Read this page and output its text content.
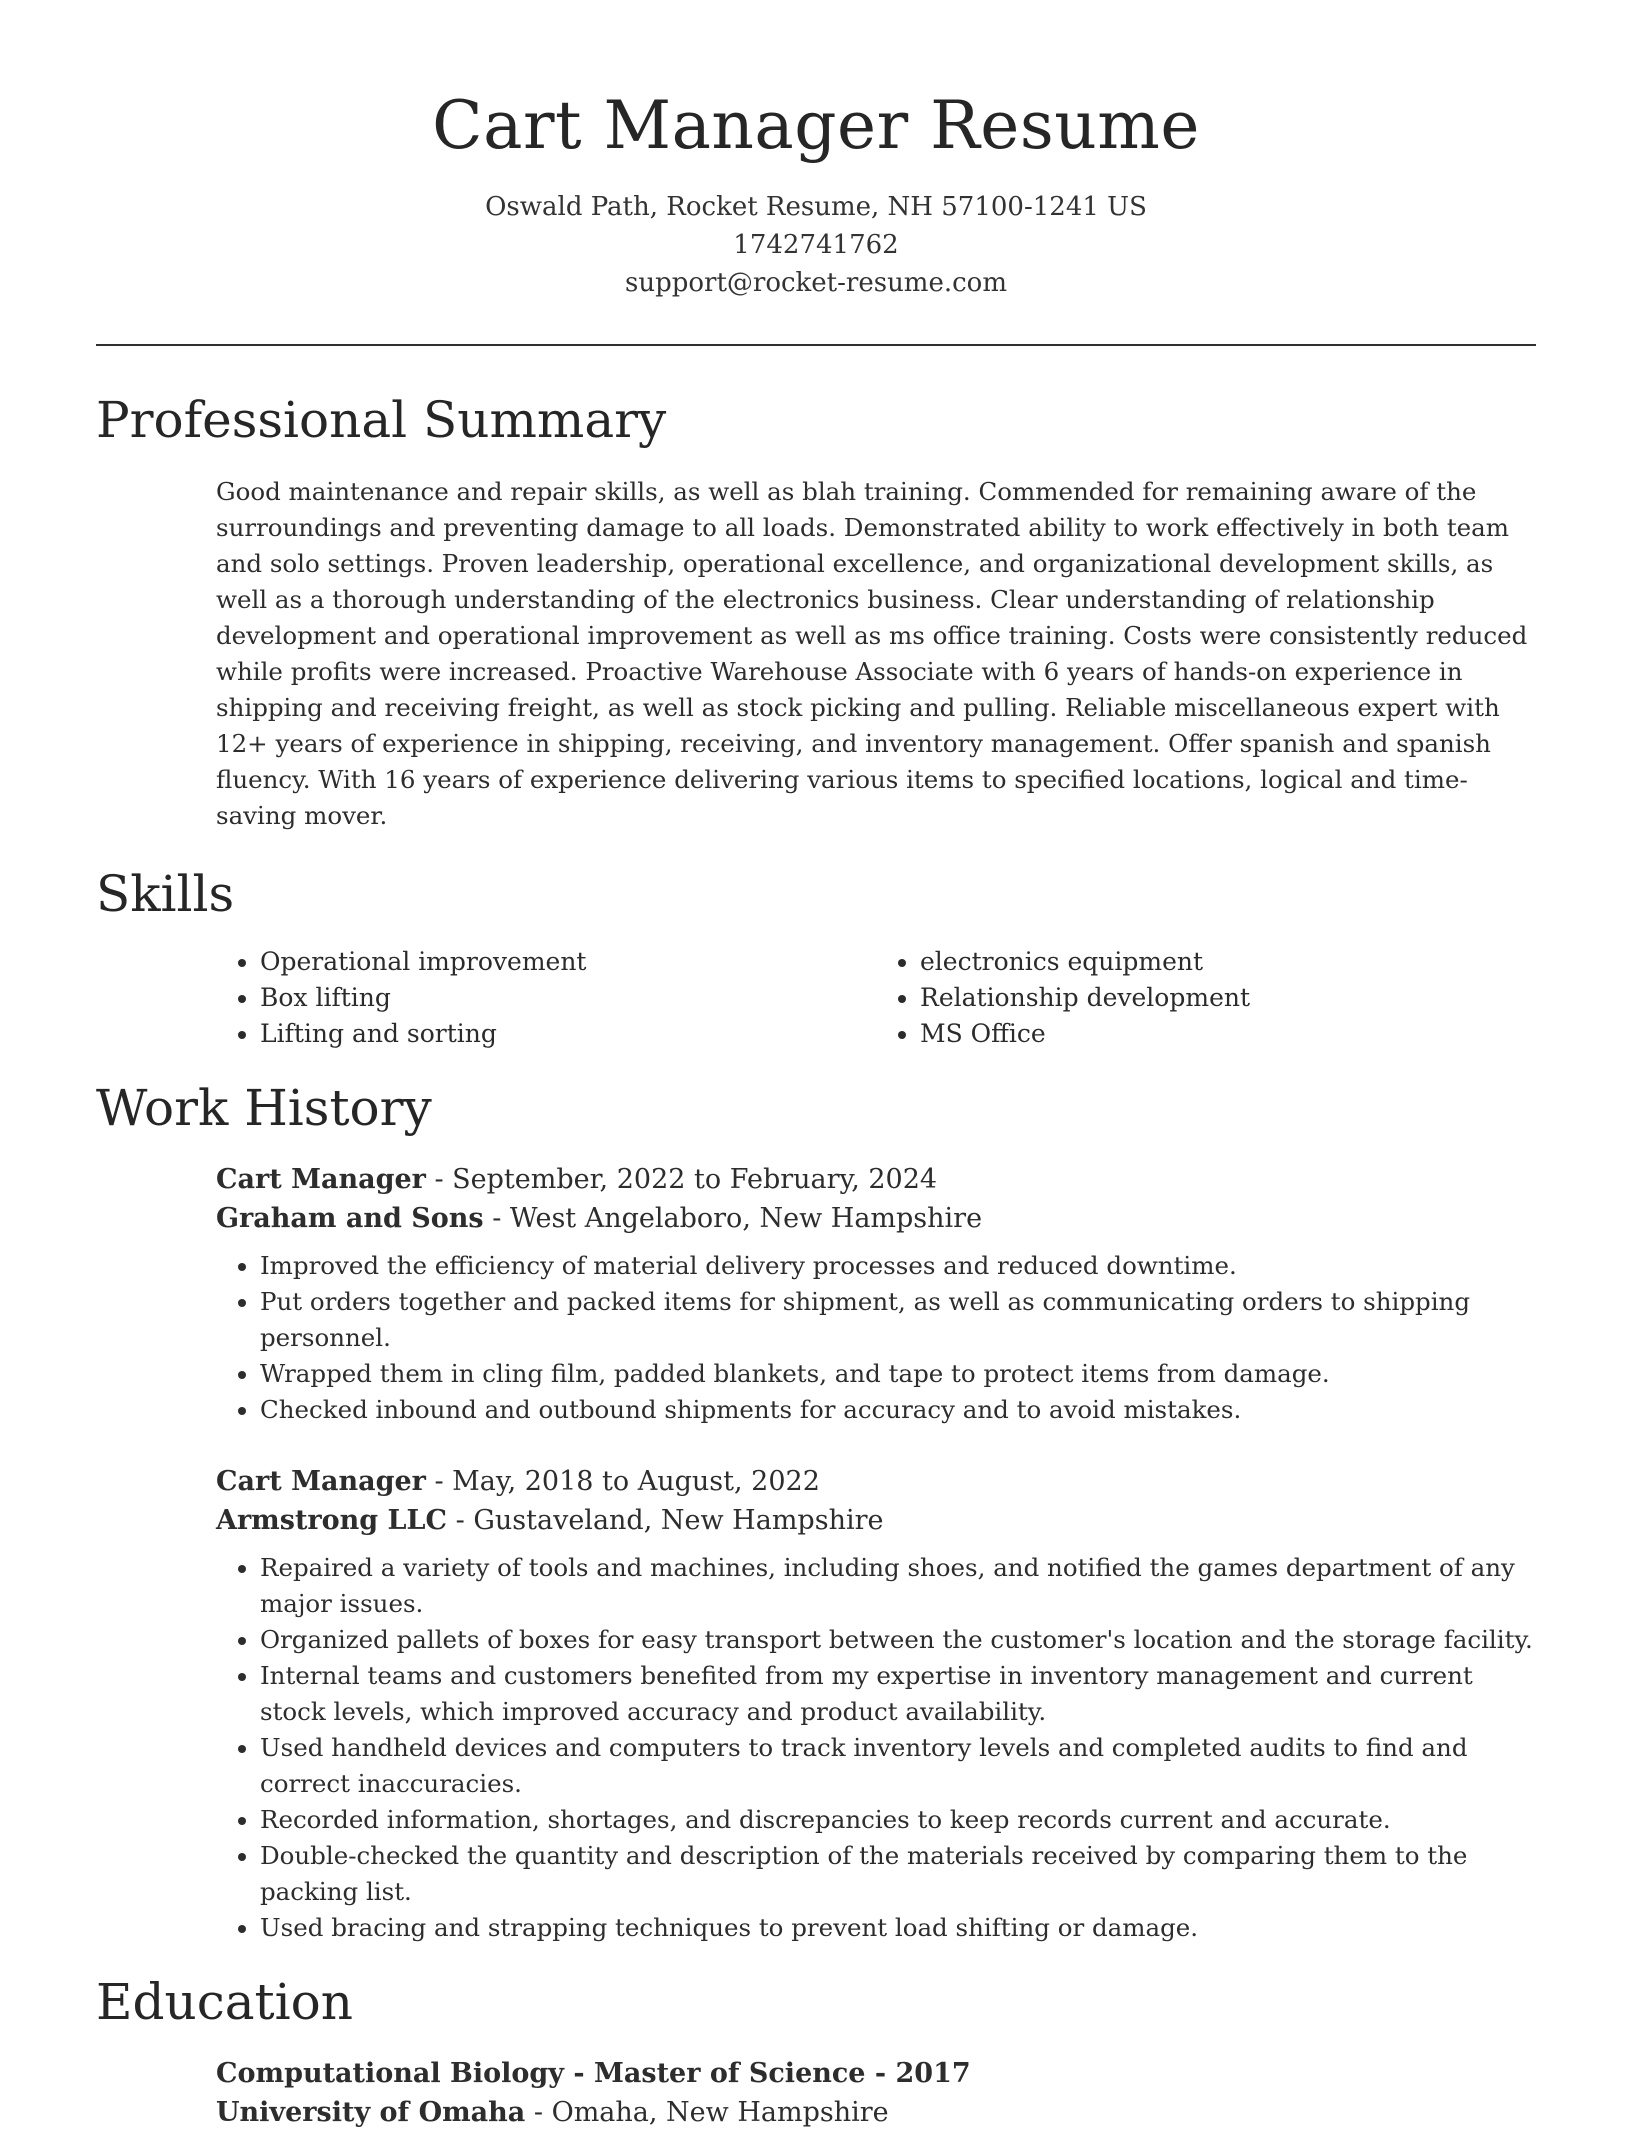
Cart Manager Resume
Oswald Path, Rocket Resume, NH 57100-1241 US
1742741762
support@rocket-resume.com
Professional Summary

Good maintenance and repair skills, as well as blah training. Commended for remaining aware of the surroundings and preventing damage to all loads. Demonstrated ability to work effectively in both team and solo settings. Proven leadership, operational excellence, and organizational development skills, as well as a thorough understanding of the electronics business. Clear understanding of relationship development and operational improvement as well as ms office training. Costs were consistently reduced while profits were increased. Proactive Warehouse Associate with 6 years of hands-on experience in shipping and receiving freight, as well as stock picking and pulling. Reliable miscellaneous expert with 12+ years of experience in shipping, receiving, and inventory management. Offer spanish and spanish fluency. With 16 years of experience delivering various items to specified locations, logical and time-saving mover.

Skills
• Operational improvement
• Box lifting
• Lifting and sorting
• electronics equipment
• Relationship development
• MS Office
Work History
Cart Manager - September, 2022 to February, 2024
Graham and Sons - West Angelaboro, New Hampshire
• Improved the efficiency of material delivery processes and reduced downtime.
• Put orders together and packed items for shipment, as well as communicating orders to shipping personnel.
• Wrapped them in cling film, padded blankets, and tape to protect items from damage.
• Checked inbound and outbound shipments for accuracy and to avoid mistakes.
Cart Manager - May, 2018 to August, 2022
Armstrong LLC - Gustaveland, New Hampshire
• Repaired a variety of tools and machines, including shoes, and notified the games department of any major issues.
• Organized pallets of boxes for easy transport between the customer's location and the storage facility.
• Internal teams and customers benefited from my expertise in inventory management and current stock levels, which improved accuracy and product availability.
• Used handheld devices and computers to track inventory levels and completed audits to find and correct inaccuracies.
• Recorded information, shortages, and discrepancies to keep records current and accurate.
• Double-checked the quantity and description of the materials received by comparing them to the packing list.
• Used bracing and strapping techniques to prevent load shifting or damage.
Education
Computational Biology - Master of Science - 2017
University of Omaha - Omaha, New Hampshire
